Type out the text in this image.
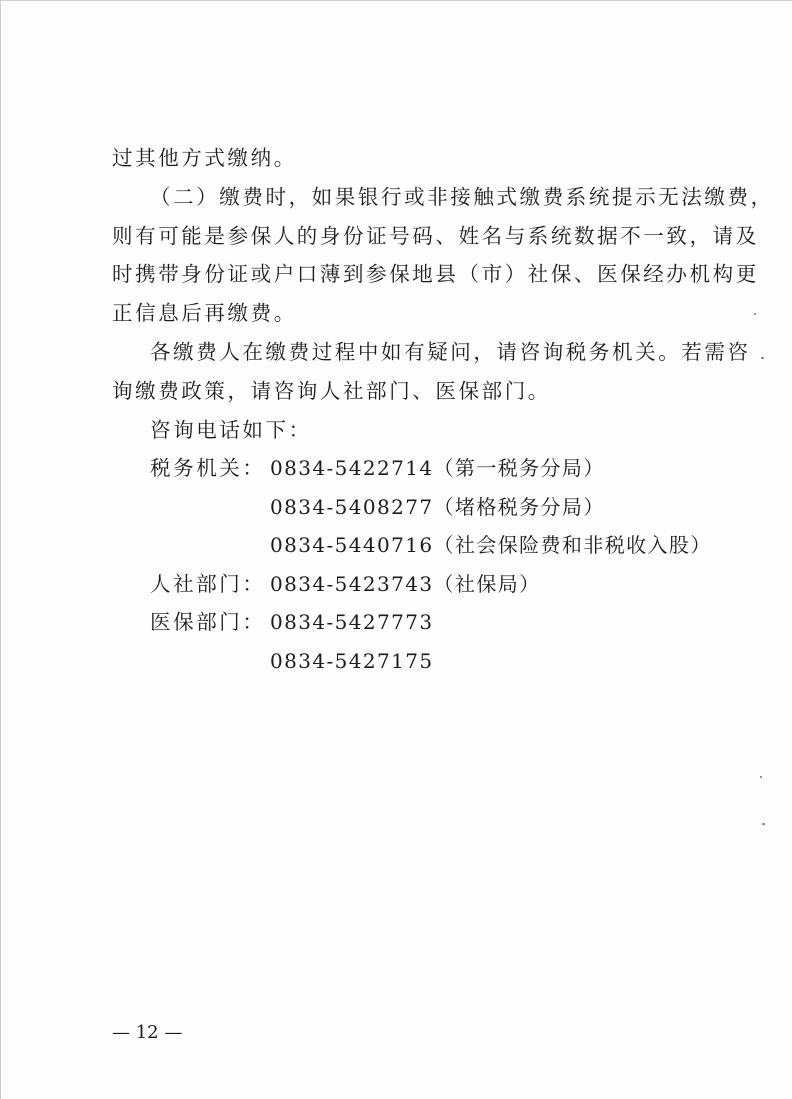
过其他方式缴纳。
（二）缴费时，如果银行或非接触式缴费系统提示无法缴费，
则有可能是参保人的身份证号码、姓名与系统数据不一致，请及
时携带身份证或户口薄到参保地县（市）社保、医保经办机构更
正信息后再缴费。
各缴费人在缴费过程中如有疑问，请咨询税务机关。若需咨
询缴费政策，请咨询人社部门、医保部门。
咨询电话如下：
税务机关： 0834-5422714（第一税务分局）
0834-5408277（堵格税务分局）
0834-5440716（社会保险费和非税收入股）
人社部门： 0834-5423743（社保局）
医保部门： 0834-5427773
0834-5427175
— 12 —
